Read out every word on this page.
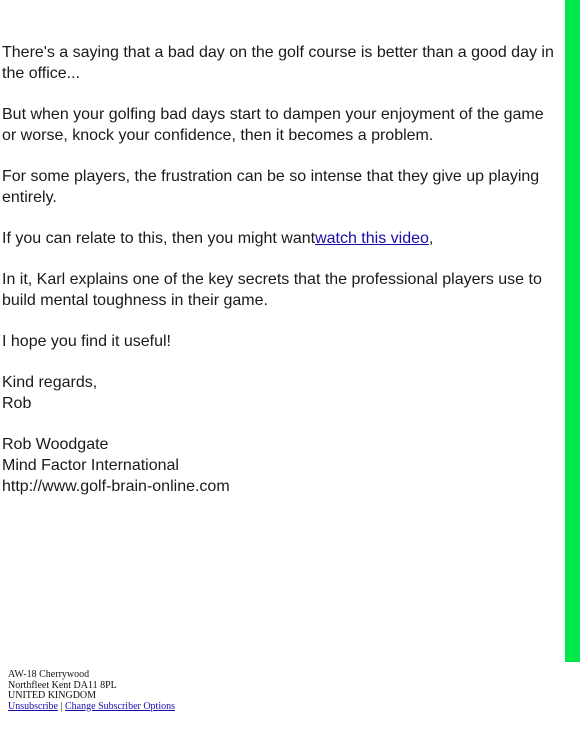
There's a saying that a bad day on the golf course is better than a good day in the office...

But when your golfing bad days start to dampen your enjoyment of the game or worse, knock your confidence, then it becomes a problem.

For some players, the frustration can be so intense that they give up playing entirely.

If you can relate to this, then you might wantwatch this video,

In it, Karl explains one of the key secrets that the professional players use to build mental toughness in their game.

I hope you find it useful!

Kind regards,
Rob

Rob Woodgate
Mind Factor International
http://www.golf-brain-online.com

AW-18 Cherrywood
Northfleet Kent DA11 8PL
UNITED KINGDOM
Unsubscribe | Change Subscriber Options
